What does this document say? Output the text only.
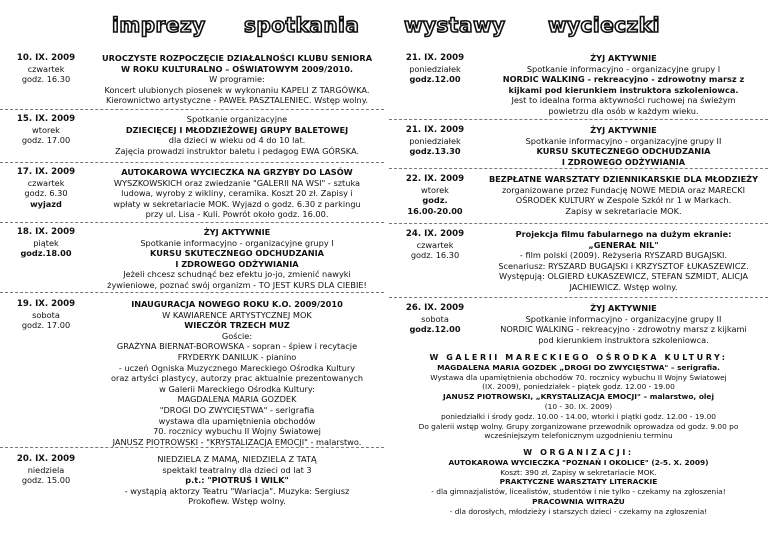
imprezy spotkania wystawy wycieczki
10. IX. 2009
czwartek
godz. 16.30
UROCZYSTE ROZPOCZĘCIE DZIAŁALNOŚCI KLUBU SENIORA
W ROKU KULTURALNO – OŚWIATOWYM 2009/2010.
W programie:
Koncert ulubionych piosenek w wykonaniu KAPELI Z TARGÓWKA.
Kierownictwo artystyczne - PAWEŁ PASZTALENIEC. Wstęp wolny.
15. IX. 2009
wtorek
godz. 17.00
Spotkanie organizacyjne
DZIECIĘCEJ I MŁODZIEŻOWEJ GRUPY BALETOWEJ
dla dzieci w wieku od 4 do 10 lat.
Zajęcia prowadzi instruktor baletu i pedagog EWA GÓRSKA.
17. IX. 2009
czwartek
godz. 6.30
wyjazd
AUTOKAROWA WYCIECZKA NA GRZYBY DO LASÓW
WYSZKOWSKICH oraz zwiedzanie "GALERII NA WSI" - sztuka
ludowa, wyroby z wikliny, ceramika. Koszt 20 zł. Zapisy i
wpłaty w sekretariacie MOK. Wyjazd o godz. 6.30 z parkingu
przy ul. Lisa - Kuli. Powrót około godz. 16.00.
18. IX. 2009
piątek
godz.18.00
ŻYJ AKTYWNIE
Spotkanie informacyjno - organizacyjne grupy I
KURSU SKUTECZNEGO ODCHUDZANIA
I ZDROWEGO ODŻYWIANIA
Jeżeli chcesz schudnąć bez efektu jo-jo, zmienić nawyki
żywieniowe, poznać swój organizm - TO JEST KURS DLA CIEBIE!
19. IX. 2009
sobota
godz. 17.00
INAUGURACJA NOWEGO ROKU K.O. 2009/2010
W KAWIARENCE ARTYSTYCZNEJ MOK
WIECZÓR TRZECH MUZ
Goście:
GRAŻYNA BIERNAT-BOROWSKA - sopran - śpiew i recytacje
FRYDERYK DANILUK - pianino
- uczeń Ogniska Muzycznego Mareckiego Ośrodka Kultury
oraz artyści plastycy, autorzy prac aktualnie prezentowanych
w Galerii Mareckiego Ośrodka Kultury:
MAGDALENA MARIA GOZDEK
"DROGI DO ZWYCIĘSTWA" - serigrafia
wystawa dla upamiętnienia obchodów
70. rocznicy wybuchu II Wojny Światowej
JANUSZ PIOTROWSKI - "KRYSTALIZACJA EMOCJI" - malarstwo.
20. IX. 2009
niedziela
godz. 15.00
NIEDZIELA Z MAMĄ, NIEDZIELA Z TATĄ
spektakl teatralny dla dzieci od lat 3
p.t.: "PIOTRUŚ I WILK"
- wystąpią aktorzy Teatru "Wariacja". Muzyka: Sergiusz
Prokofiew. Wstęp wolny.
21. IX. 2009
poniedziałek
godz.12.00
ŻYJ AKTYWNIE
Spotkanie informacyjno - organizacyjne grupy I
NORDIC WALKING - rekreacyjno - zdrowotny marsz z
kijkami pod kierunkiem instruktora szkoleniowca.
Jest to idealna forma aktywności ruchowej na świeżym
powietrzu dla osób w każdym wieku.
21. IX. 2009
poniedziałek
godz.13.30
ŻYJ AKTYWNIE
Spotkanie informacyjno - organizacyjne grupy II
KURSU SKUTECZNEGO ODCHUDZANIA
I ZDROWEGO ODŻYWIANIA
22. IX. 2009
wtorek
godz.
16.00-20.00
BEZPŁATNE WARSZTATY DZIENNIKARSKIE DLA MŁODZIEŻY
zorganizowane przez Fundację NOWE MEDIA oraz MARECKI
OŚRODEK KULTURY w Zespole Szkół nr 1 w Markach.
Zapisy w sekretariacie MOK.
24. IX. 2009
czwartek
godz. 16.30
Projekcja filmu fabularnego na dużym ekranie:
„GENERAŁ NIL"
- film polski (2009). Reżyseria RYSZARD BUGAJSKI.
Scenariusz: RYSZARD BUGAJSKI i KRZYSZTOF ŁUKASZEWICZ.
Występują: OLGIERD ŁUKASZEWICZ, STEFAN SZMIDT, ALICJA
JACHIEWICZ. Wstęp wolny.
26. IX. 2009
sobota
godz.12.00
ŻYJ AKTYWNIE
Spotkanie informacyjno - organizacyjne grupy II
NORDIC WALKING - rekreacyjno - zdrowotny marsz z kijkami
pod kierunkiem instruktora szkoleniowca.
W GALERII MARECKIEGO OŚRODKA KULTURY:
MAGDALENA MARIA GOZDEK „DROGI DO ZWYCIĘSTWA" – serigrafia.
Wystawa dla upamiętnienia obchodów 70. rocznicy wybuchu II Wojny Światowej
(IX. 2009), poniedziałek - piątek godz. 12.00 - 19.00
JANUSZ PIOTROWSKI, „KRYSTALIZACJA EMOCJI" – malarstwo, olej
(10 - 30. IX. 2009)
poniedziałki i środy godz. 10.00 - 14.00, wtorki i piątki godz. 12.00 - 19.00
Do galerii wstęp wolny. Grupy zorganizowane przewodnik oprowadza od godz. 9.00 po
wcześniejszym telefonicznym uzgodnieniu terminu
W ORGANIZACJI:
AUTOKAROWA WYCIECZKA "POZNAŃ I OKOLICE" (2-5. X. 2009)
Koszt: 390 zł. Zapisy w sekretariacie MOK.
PRAKTYCZNE WARSZTATY LITERACKIE
- dla gimnazjalistów, licealistów, studentów i nie tylko - czekamy na zgłoszenia!
PRACOWNIA WITRAŻU
- dla dorosłych, młodzieży i starszych dzieci - czekamy na zgłoszenia!
